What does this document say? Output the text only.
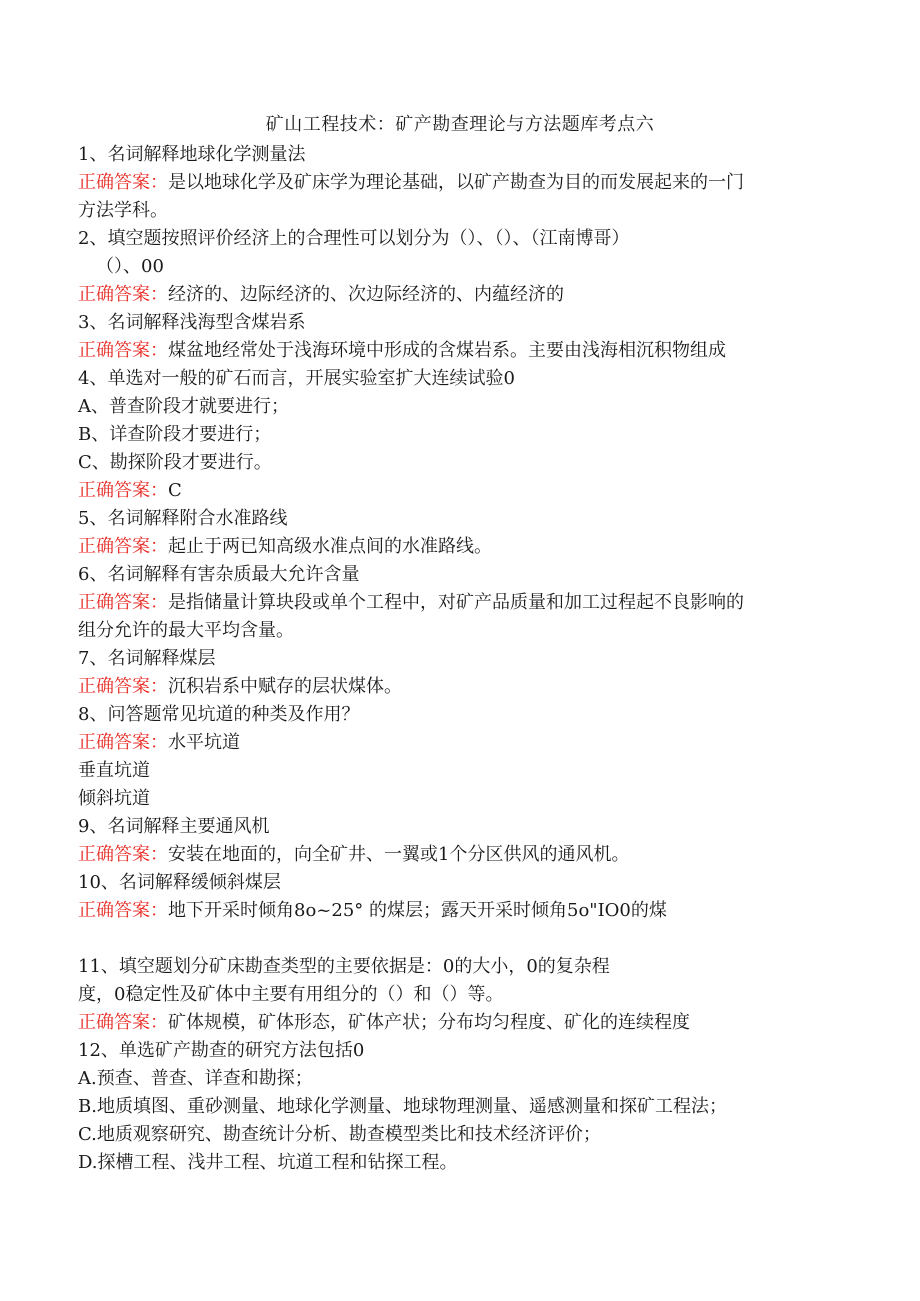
矿山工程技术：矿产勘查理论与方法题库考点六
1、名词解释地球化学测量法
正确答案：是以地球化学及矿床学为理论基础，以矿产勘查为目的而发展起来的一门
方法学科。
2、填空题按照评价经济上的合理性可以划分为（）、（）、（江南博哥）
（）、00
正确答案：经济的、边际经济的、次边际经济的、内蕴经济的
3、名词解释浅海型含煤岩系
正确答案：煤盆地经常处于浅海环境中形成的含煤岩系。主要由浅海相沉积物组成
4、单选对一般的矿石而言，开展实验室扩大连续试验0
A、普查阶段才就要进行；
B、详查阶段才要进行；
C、勘探阶段才要进行。
正确答案：C
5、名词解释附合水准路线
正确答案：起止于两已知高级水准点间的水准路线。
6、名词解释有害杂质最大允许含量
正确答案：是指储量计算块段或单个工程中，对矿产品质量和加工过程起不良影响的
组分允许的最大平均含量。
7、名词解释煤层
正确答案：沉积岩系中赋存的层状煤体。
8、问答题常见坑道的种类及作用？
正确答案：水平坑道
垂直坑道
倾斜坑道
9、名词解释主要通风机
正确答案：安装在地面的，向全矿井、一翼或1个分区供风的通风机。
10、名词解释缓倾斜煤层
正确答案：地下开采时倾角8o~25° 的煤层；露天开采时倾角5o"IO0的煤
11、填空题划分矿床勘查类型的主要依据是：0的大小，0的复杂程
度，0稳定性及矿体中主要有用组分的（）和（）等。
正确答案：矿体规模，矿体形态，矿体产状；分布均匀程度、矿化的连续程度
12、单选矿产勘查的研究方法包括0
A.预查、普查、详查和勘探；
B.地质填图、重砂测量、地球化学测量、地球物理测量、遥感测量和探矿工程法；
C.地质观察研究、勘查统计分析、勘查模型类比和技术经济评价；
D.探槽工程、浅井工程、坑道工程和钻探工程。
